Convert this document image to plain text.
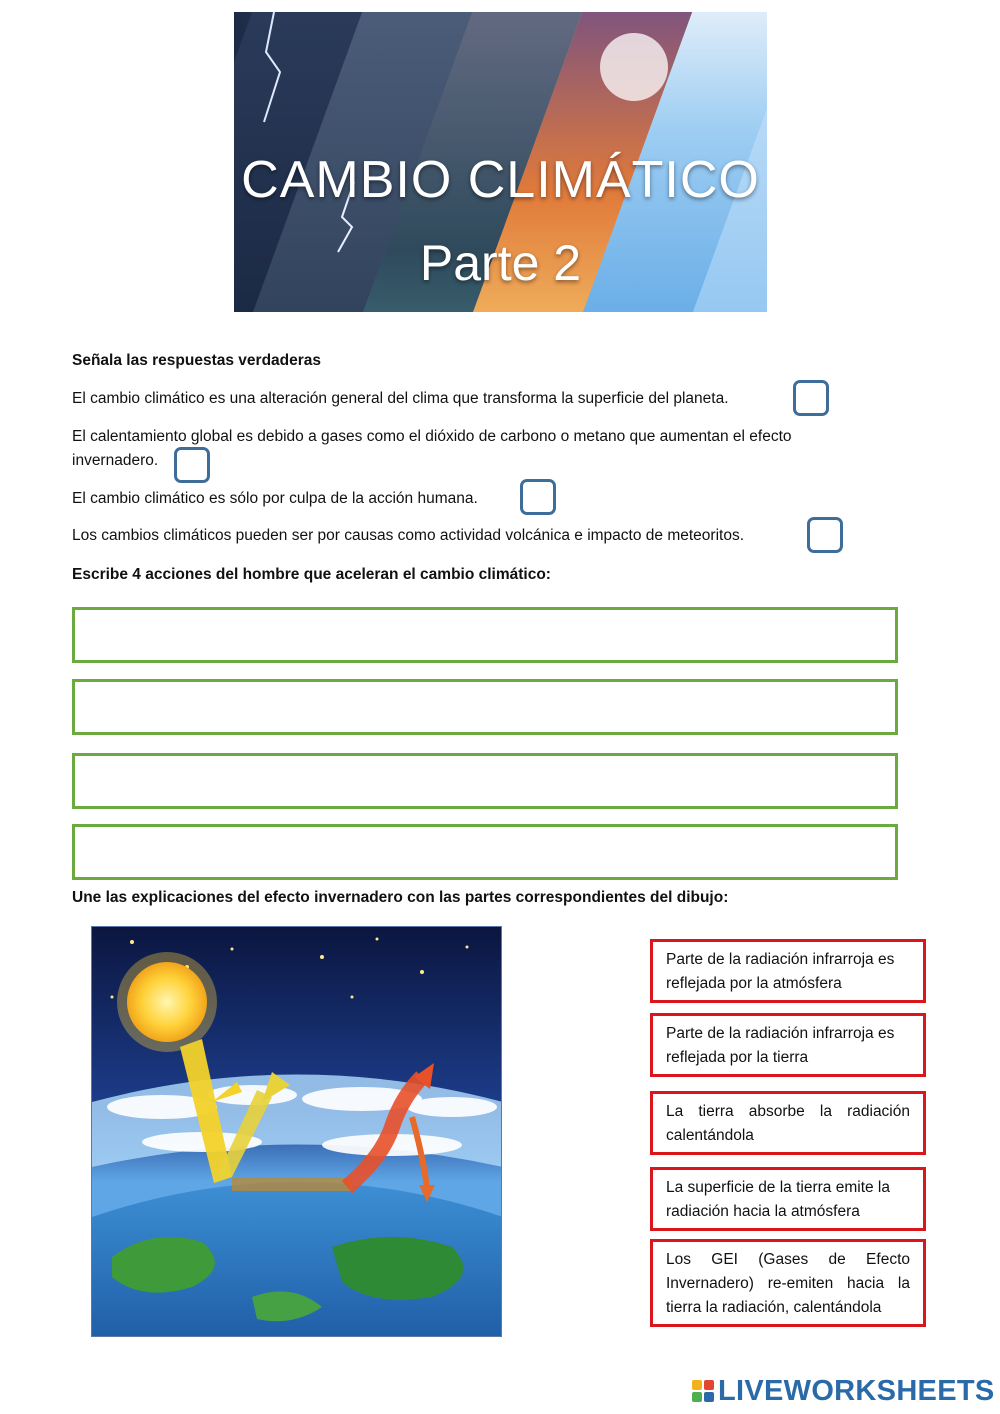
CAMBIO CLIMÁTICO
Parte 2
Señala las respuestas verdaderas
El cambio climático es una alteración general del clima que transforma la superficie del planeta.
El calentamiento global es debido a gases como el dióxido de carbono o metano que aumentan el efecto
invernadero.
El cambio climático es sólo por culpa de la acción humana.
Los cambios climáticos pueden ser por causas como actividad volcánica e impacto de meteoritos.
Escribe 4 acciones del hombre que aceleran el cambio climático:
Une las explicaciones del efecto invernadero con las partes correspondientes del dibujo:
Parte de la radiación infrarroja es
reflejada por la atmósfera
Parte de la radiación infrarroja es
reflejada por la tierra
La tierra absorbe la radiación
calentándola
La superficie de la tierra emite la
radiación hacia la atmósfera
Los GEI (Gases de Efecto
Invernadero) re-emiten hacia la
tierra la radiación, calentándola
LIVEWORKSHEETS
